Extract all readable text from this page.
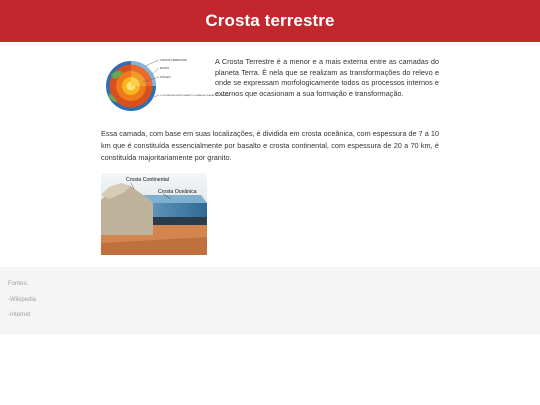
Crosta terrestre
CROSTA TERRESTRE
MANTO
NÚCLEO
CONTINENTES EM MOVIMENTO SOBRE AS PLACAS TECTÔNICAS

A Crosta Terrestre é a menor e a mais externa entre as camadas do planeta Terra. É nela que se realizam as transformações do relevo e onde se expressam morfologicamente todos os processos internos e externos que ocasionam a sua formação e transformação.

Essa camada, com base em suas localizações, é dividida em crosta oceânica, com espessura de 7 a 10 km que é constituída essencialmente por basalto e crosta continental, com espessura de 20 a 70 km, é constituída majoritariamente por granito.

Crosta Continental
Crosta Oceânica

Fontes:

-Wikipedia

-Internet
